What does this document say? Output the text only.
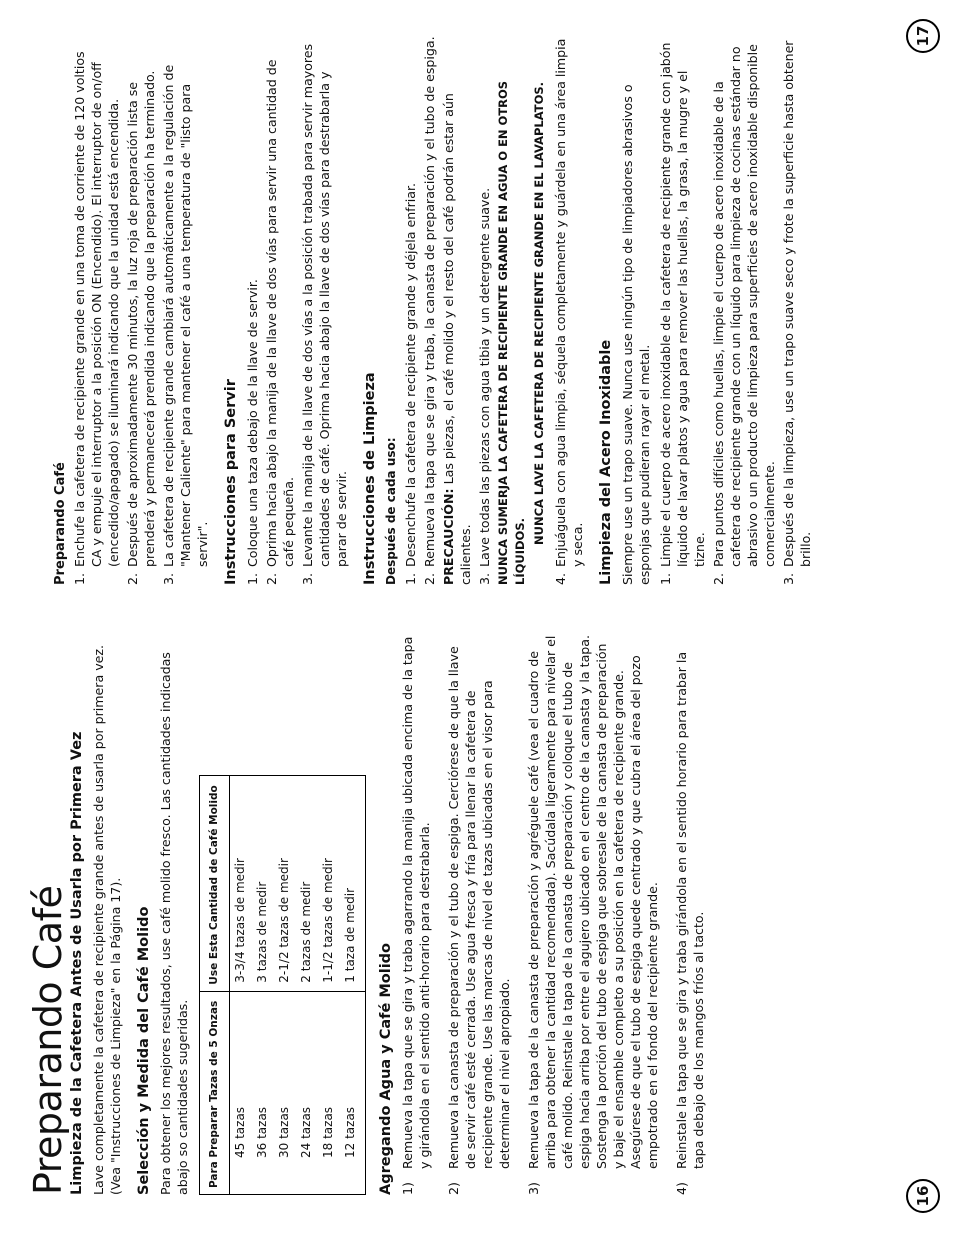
Preparando Café Limpieza de la Cafetera Antes de Usarla por Primera Vez Lave completamente la cafetera de recipiente grande antes de usarla por primera vez. (Vea "Instrucciones de Limpieza" en la Página 17). Selección y Medida del Café Molido Para obtener los mejores resultados, use café molido fresco. Las cantidades indicadas abajo so cantidades sugeridas. Para Preparar Tazas de 5 Onzas	Use Esta Cantidad de Café Molido
45 tazas	3-3/4 tazas de medir
36 tazas	3 tazas de medir
30 tazas	2-1/2 tazas de medir
24 tazas	2 tazas de medir
18 tazas	1-1/2 tazas de medir
12 tazas	1 taza de medir
Agregando Agua y Café Molido 1)
Remueva la tapa que se gira y traba agarrando la manija ubicada encima de la tapa y girándola en el sentido anti-horario para destrabarla.
2)
Remueva la canasta de preparación y el tubo de espiga. Cerciórese de que la llave de servir café esté cerrada. Use agua fresca y fría para llenar la cafetera de recipiente grande. Use las marcas de nivel de tazas ubicadas en el visor para determinar el nivel apropiado.
3)
Remueva la tapa de la canasta de preparación y agréguele café (vea el cuadro de arriba para obtener la cantidad recomendada). Sacúdala ligeramente para nivelar el café molido. Reinstale la tapa de la canasta de preparación y coloque el tubo de espiga hacia arriba por entre el agujero ubicado en el centro de la canasta y la tapa. Sostenga la porción del tubo de espiga que sobresale de la canasta de preparación y baje el ensamble completo a su posición en la cafetera de recipiente grande. Asegúrese de que el tubo de espiga quede centrado y que cubra el área del pozo empotrado en el fondo del recipiente grande.
4)
Reinstale la tapa que se gira y traba girándola en el sentido horario para trabar la tapa debajo de los mangos fríos al tacto.
Preparando Café 1.
Enchufe la cafetera de recipiente grande en una toma de corriente de 120 voltios CA y empuje el interruptor a la posición ON (Encendido). El interruptor de on/off (encedido/apagado) se iluminará indicando que la unidad está encendida.
2.
Después de aproximadamente 30 minutos, la luz roja de preparación lista se prenderá y permanecerá prendida indicando que la preparación ha terminado.
3.
La cafetera de recipiente grande cambiará automáticamente a la regulación de "Mantener Caliente" para mantener el café a una temperatura de "listo para servir". Instrucciones para Servir 1.
Coloque una taza debajo de la llave de servir.
2.
Oprima hacia abajo la manija de la llave de dos vías para servir una cantidad de café pequeña.
3.
Levante la manija de la llave de dos vías a la posición trabada para servir mayores cantidades de café. Oprima hacia abajo la llave de dos vías para destrabarla y parar de servir. Instrucciones de Limpieza Después de cada uso: 1.
Desenchufe la cafetera de recipiente grande y déjela enfriar.
2.
Remueva la tapa que se gira y traba, la canasta de preparación y el tubo de espiga. PRECAUCIÓN: Las piezas, el café molido y el resto del café podrán estar aún calientes. 3.
Lave todas las piezas con agua tibia y un detergente suave. NUNCA SUMERJA LA CAFETERA DE RECIPIENTE GRANDE EN AGUA O EN OTROS LÍQUIDOS.

NUNCA LAVE LA CAFETERA DE RECIPIENTE GRANDE EN EL LAVAPLATOS.

4.
Enjuáguela con agua limpia, séquela completamente y guárdela en una área limpia y seca. Limpieza del Acero Inoxidable Siempre use un trapo suave. Nunca use ningún tipo de limpiadores abrasivos o esponjas que pudieran rayar el metal. 1.
Limpie el cuerpo de acero inoxidable de la cafetera de recipiente grande con jabón líquido de lavar platos y agua para remover las huellas, la grasa, la mugre y el tizne.
2.
Para puntos difíciles como huellas, limpie el cuerpo de acero inoxidable de la cafetera de recipiente grande con un líquido para limpieza de cocinas estándar no abrasivo o un producto de limpieza para superficies de acero inoxidable disponible comercialmente.
3.
Después de la limpieza, use un trapo suave seco y frote la superficie hasta obtener brillo.
16
17
